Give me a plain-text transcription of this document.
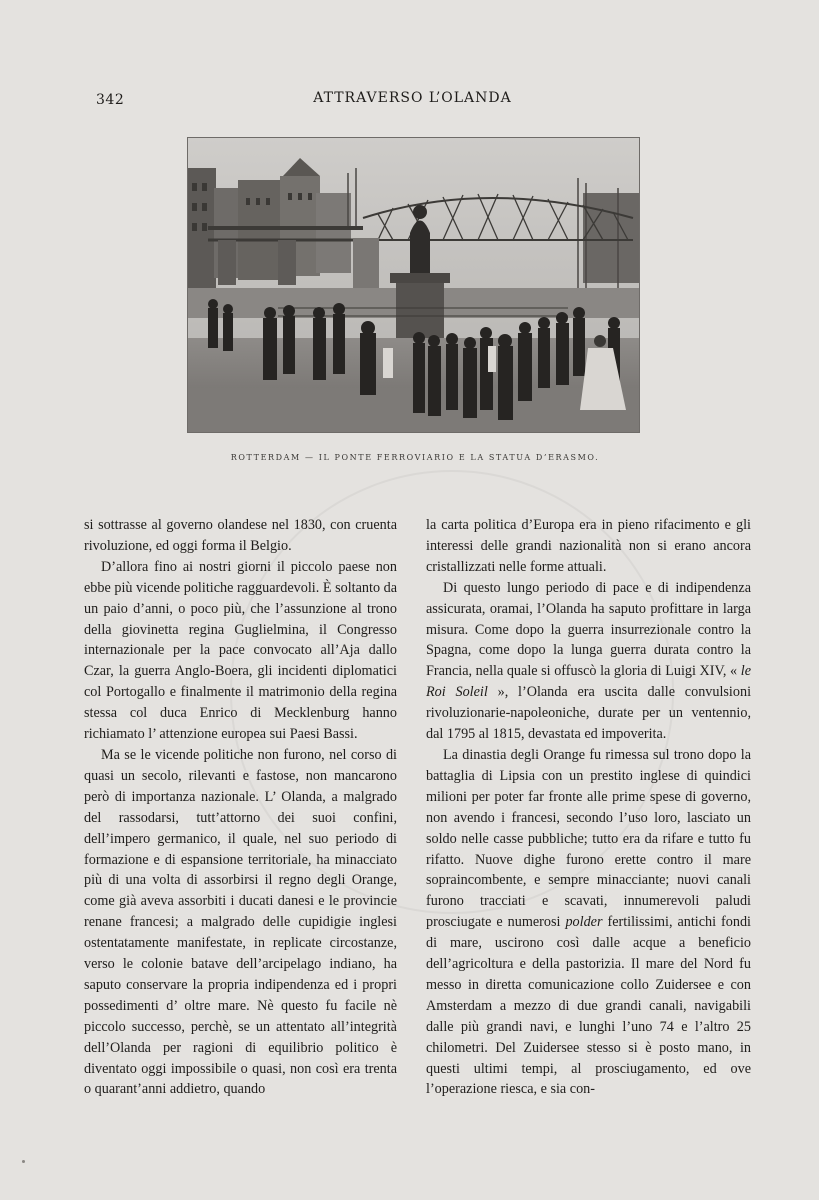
342	ATTRAVERSO L’OLANDA
ROTTERDAM — IL PONTE FERROVIARIO E LA STATUA D’ERASMO.

si sottrasse al governo olandese nel 1830, con cruenta rivoluzione, ed oggi forma il Belgio.

D’allora fino ai nostri giorni il piccolo paese non ebbe più vicende politiche ragguardevoli. È soltanto da un paio d’anni, o poco più, che l’assunzione al trono della giovinetta regina Guglielmina, il Congresso internazionale per la pace convocato all’Aja dallo Czar, la guerra Anglo-Boera, gli incidenti diplomatici col Portogallo e finalmente il matrimonio della regina stessa col duca Enrico di Mecklenburg hanno richiamato l’ attenzione europea sui Paesi Bassi.

Ma se le vicende politiche non furono, nel corso di quasi un secolo, rilevanti e fastose, non mancarono però di importanza nazionale. L’ Olanda, a malgrado del rassodarsi, tutt’attorno dei suoi confini, dell’impero germanico, il quale, nel suo periodo di formazione e di espansione territoriale, ha minacciato più di una volta di assorbirsi il regno degli Orange, come già aveva assorbiti i ducati danesi e le provincie renane francesi; a malgrado delle cupidigie inglesi ostentatamente manifestate, in replicate circostanze, verso le colonie batave dell’arcipelago indiano, ha saputo conservare la propria indipendenza ed i propri possedimenti d’ oltre mare. Nè questo fu facile nè piccolo successo, perchè, se un attentato all’integrità dell’Olanda per ragioni di equilibrio politico è diventato oggi impossibile o quasi, non così era trenta o quarant’anni addietro, quando

la carta politica d’Europa era in pieno rifacimento e gli interessi delle grandi nazionalità non si erano ancora cristallizzati nelle forme attuali.

Di questo lungo periodo di pace e di indipendenza assicurata, oramai, l’Olanda ha saputo profittare in larga misura. Come dopo la guerra insurrezionale contro la Spagna, come dopo la lunga guerra durata contro la Francia, nella quale si offuscò la gloria di Luigi XIV, « le Roi Soleil », l’Olanda era uscita dalle convulsioni rivoluzionarie-napoleoniche, durate per un ventennio, dal 1795 al 1815, devastata ed impoverita.

La dinastia degli Orange fu rimessa sul trono dopo la battaglia di Lipsia con un prestito inglese di quindici milioni per poter far fronte alle prime spese di governo, non avendo i francesi, secondo l’uso loro, lasciato un soldo nelle casse pubbliche; tutto era da rifare e tutto fu rifatto. Nuove dighe furono erette contro il mare sopraincombente, e sempre minacciante; nuovi canali furono tracciati e scavati, innumerevoli paludi prosciugate e numerosi polder fertilissimi, antichi fondi di mare, uscirono così dalle acque a beneficio dell’agricoltura e della pastorizia. Il mare del Nord fu messo in diretta comunicazione collo Zuidersee e con Amsterdam a mezzo di due grandi canali, navigabili dalle più grandi navi, e lunghi l’uno 74 e l’altro 25 chilometri. Del Zuidersee stesso si è posto mano, in questi ultimi tempi, al prosciugamento, ed ove l’operazione riesca, e sia con-
